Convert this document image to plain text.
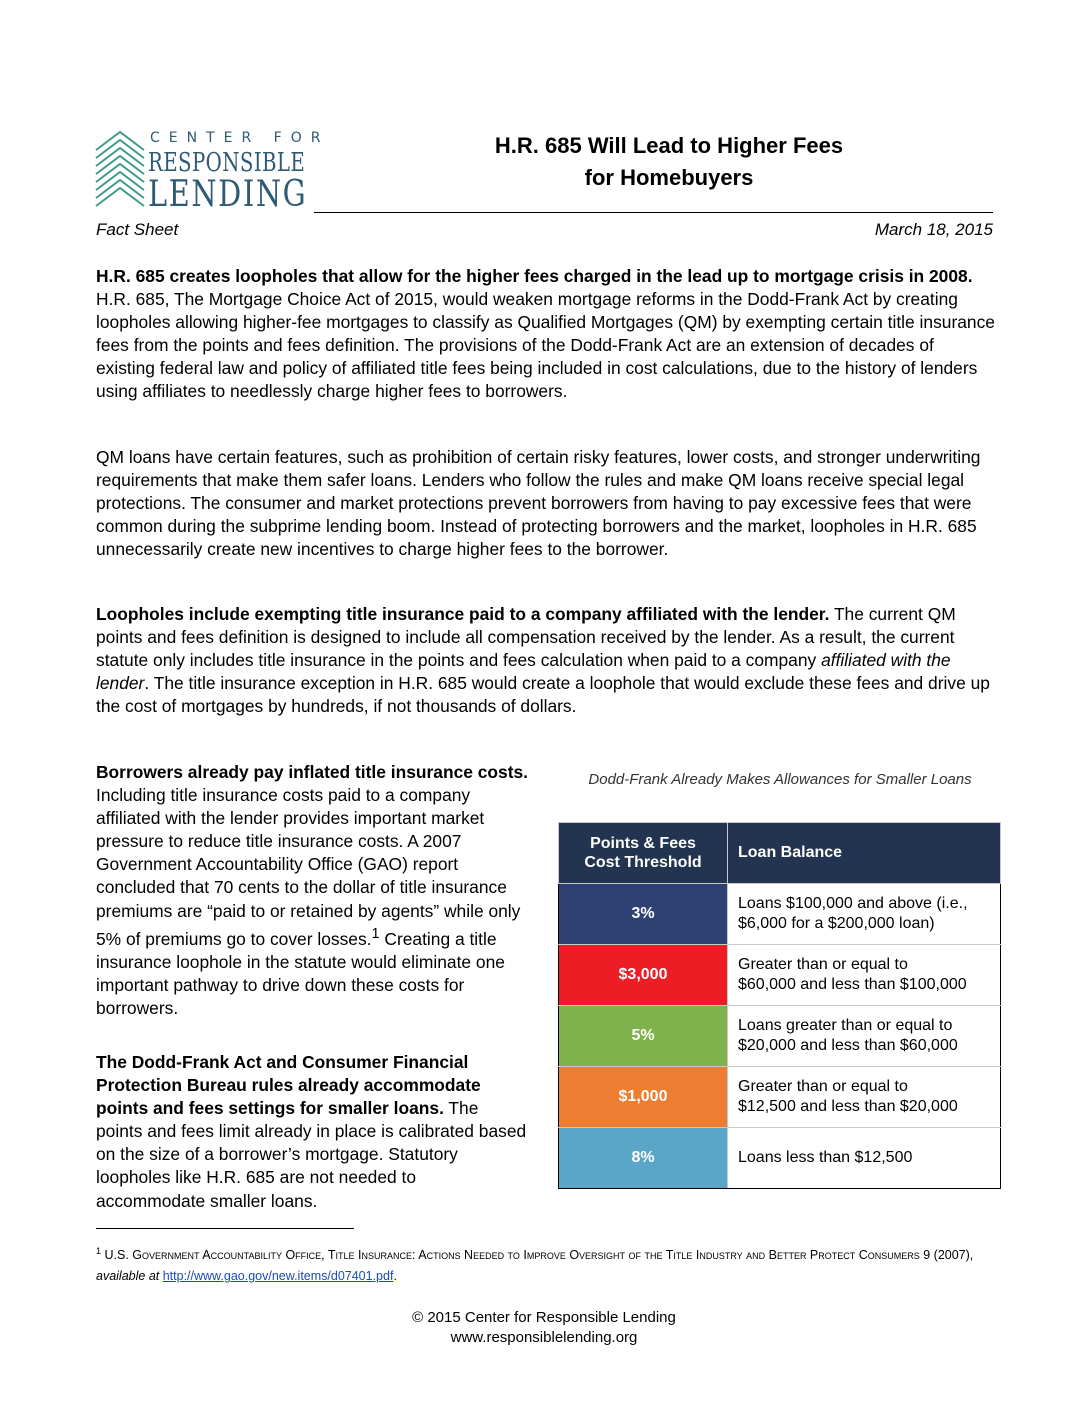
CENTER FOR
RESPONSIBLE
LENDING
H.R. 685 Will Lead to Higher Fees
for Homebuyers
Fact Sheet	March 18, 2015

H.R. 685 creates loopholes that allow for the higher fees charged in the lead up to mortgage crisis in 2008. H.R. 685, The Mortgage Choice Act of 2015, would weaken mortgage reforms in the Dodd-Frank Act by creating loopholes allowing higher-fee mortgages to classify as Qualified Mortgages (QM) by exempting certain title insurance fees from the points and fees definition. The provisions of the Dodd-Frank Act are an extension of decades of existing federal law and policy of affiliated title fees being included in cost calculations, due to the history of lenders using affiliates to needlessly charge higher fees to borrowers.

QM loans have certain features, such as prohibition of certain risky features, lower costs, and stronger underwriting requirements that make them safer loans. Lenders who follow the rules and make QM loans receive special legal protections. The consumer and market protections prevent borrowers from having to pay excessive fees that were common during the subprime lending boom. Instead of protecting borrowers and the market, loopholes in H.R. 685 unnecessarily create new incentives to charge higher fees to the borrower.

Loopholes include exempting title insurance paid to a company affiliated with the lender. The current QM points and fees definition is designed to include all compensation received by the lender. As a result, the current statute only includes title insurance in the points and fees calculation when paid to a company affiliated with the lender. The title insurance exception in H.R. 685 would create a loophole that would exclude these fees and drive up the cost of mortgages by hundreds, if not thousands of dollars.

Borrowers already pay inflated title insurance costs. Including title insurance costs paid to a company affiliated with the lender provides important market pressure to reduce title insurance costs. A 2007 Government Accountability Office (GAO) report concluded that 70 cents to the dollar of title insurance premiums are “paid to or retained by agents” while only 5% of premiums go to cover losses.$^1$ Creating a title insurance loophole in the statute would eliminate one important pathway to drive down these costs for borrowers.

The Dodd-Frank Act and Consumer Financial Protection Bureau rules already accommodate points and fees settings for smaller loans. The points and fees limit already in place is calibrated based on the size of a borrower’s mortgage. Statutory loopholes like H.R. 685 are not needed to accommodate smaller loans.

Dodd-Frank Already Makes Allowances for Smaller Loans
Points & Fees
Cost Threshold	Loan Balance
3%	Loans $100,000 and above (i.e.,
$6,000 for a $200,000 loan)

$3,000	Greater than or equal to
$60,000 and less than $100,000

5%	Loans greater than or equal to
$20,000 and less than $60,000

$1,000	Greater than or equal to
$12,500 and less than $20,000

8%	Loans less than $12,500
$^1$ U.S. Government Accountability Office, Title Insurance: Actions Needed to Improve Oversight of the Title Industry and Better Protect Consumers 9 (2007), available at http://www.gao.gov/new.items/d07401.pdf.
© 2015 Center for Responsible Lending
www.responsiblelending.org
